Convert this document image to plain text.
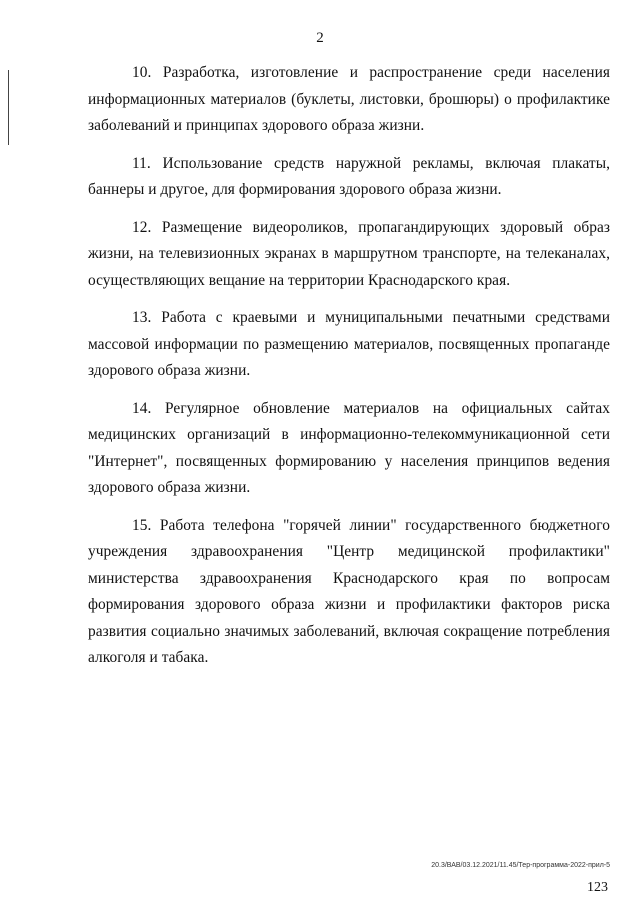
2

10. Разработка, изготовление и распространение среди населения информационных материалов (буклеты, листовки, брошюры) о профилактике заболеваний и принципах здорового образа жизни.

11. Использование средств наружной рекламы, включая плакаты, баннеры и другое, для формирования здорового образа жизни.

12. Размещение видеороликов, пропагандирующих здоровый образ жизни, на телевизионных экранах в маршрутном транспорте, на телеканалах, осуществляющих вещание на территории Краснодарского края.

13. Работа с краевыми и муниципальными печатными средствами массовой информации по размещению материалов, посвященных пропаганде здорового образа жизни.

14. Регулярное обновление материалов на официальных сайтах медицинских организаций в информационно-телекоммуникационной сети "Интернет", посвященных формированию у населения принципов ведения здорового образа жизни.

15. Работа телефона "горячей линии" государственного бюджетного учреждения здравоохранения "Центр медицинской профилактики" министерства здравоохранения Краснодарского края по вопросам формирования здорового образа жизни и профилактики факторов риска развития социально значимых заболеваний, включая сокращение потребления алкоголя и табака.

20.3/ВАВ/03.12.2021/11.45/Тер-программа-2022-прил-5
123
